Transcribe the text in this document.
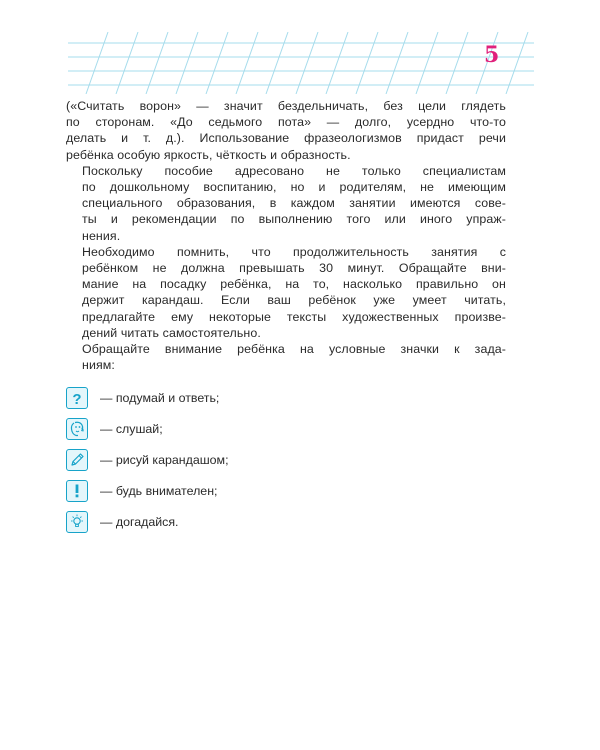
5

(«Считать ворон» — значит бездельничать, без цели глядеть
по сторонам. «До седьмого пота» — долго, усердно что-то
делать и т. д.). Использование фразеологизмов придаст речи
ребёнка особую яркость, чёткость и образность.

Поскольку пособие адресовано не только специалистам
по дошкольному воспитанию, но и родителям, не имеющим
специального образования, в каждом занятии имеются сове-
ты и рекомендации по выполнению того или иного упраж-
нения.

Необходимо помнить, что продолжительность занятия с
ребёнком не должна превышать 30 минут. Обращайте вни-
мание на посадку ребёнка, на то, насколько правильно он
держит карандаш. Если ваш ребёнок уже умеет читать,
предлагайте ему некоторые тексты художественных произве-
дений читать самостоятельно.

Обращайте внимание ребёнка на условные значки к зада-
ниям:

? — подумай и ответь;
— слушай;
— рисуй карандашом;
— будь внимателен;
— догадайся.
